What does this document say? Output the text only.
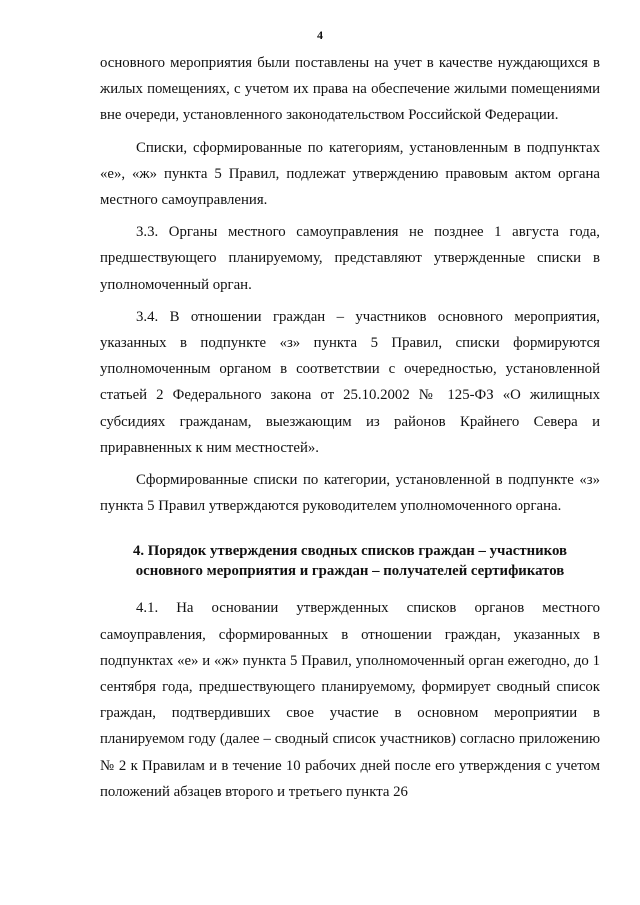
4

основного мероприятия были поставлены на учет в качестве нуждающихся в жилых помещениях, с учетом их права на обеспечение жилыми помещениями вне очереди, установленного законодательством Российской Федерации.

Списки, сформированные по категориям, установленным в подпунктах «е», «ж» пункта 5 Правил, подлежат утверждению правовым актом органа местного самоуправления.

3.3. Органы местного самоуправления не позднее 1 августа года, предшествующего планируемому, представляют утвержденные списки в уполномоченный орган.

3.4. В отношении граждан – участников основного мероприятия, указанных в подпункте «з» пункта 5 Правил, списки формируются уполномоченным органом в соответствии с очередностью, установленной статьей 2 Федерального закона от 25.10.2002 № 125-ФЗ «О жилищных субсидиях гражданам, выезжающим из районов Крайнего Севера и приравненных к ним местностей».

Сформированные списки по категории, установленной в подпункте «з» пункта 5 Правил утверждаются руководителем уполномоченного органа.

4. Порядок утверждения сводных списков граждан – участников
основного мероприятия и граждан – получателей сертификатов

4.1. На основании утвержденных списков органов местного самоуправления, сформированных в отношении граждан, указанных в подпунктах «е» и «ж» пункта 5 Правил, уполномоченный орган ежегодно, до 1 сентября года, предшествующего планируемому, формирует сводный список граждан, подтвердивших свое участие в основном мероприятии в планируемом году (далее – сводный список участников) согласно приложению № 2 к Правилам и в течение 10 рабочих дней после его утверждения с учетом положений абзацев второго и третьего пункта 26
